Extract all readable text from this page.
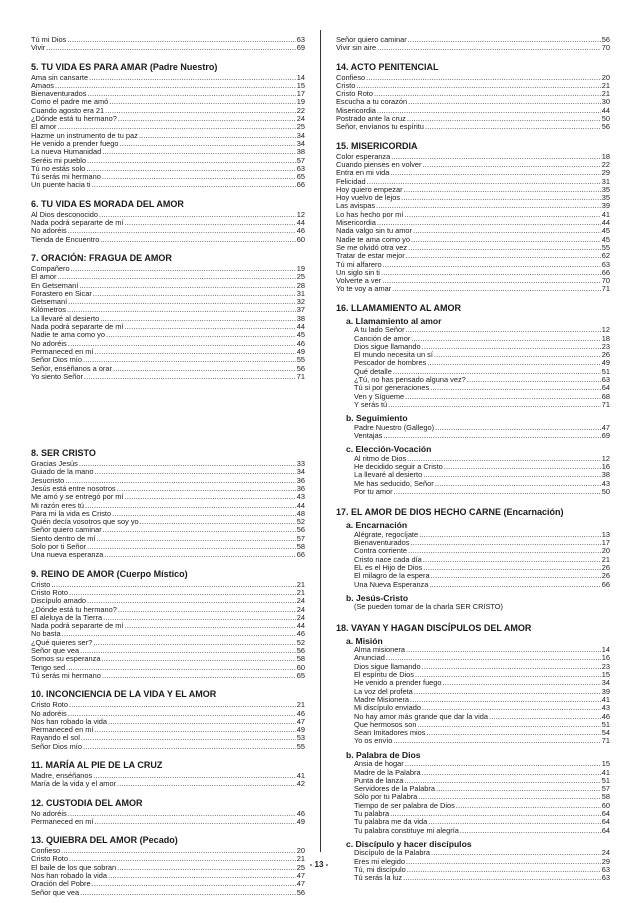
Tú mi Dios .....	63
Vivir .....	69
5. TU VIDA ES PARA AMAR (Padre Nuestro)
Ama sin cansarte .....	14
Amaos .....	15
Bienaventurados .....	17
Como el padre me amó .....	19
Cuando agosto era 21 .....	22
¿Dónde está tu hermano? .....	24
El amor .....	25
Hazme un instrumento de tu paz .....	34
He venido a prender fuego .....	34
La nueva Humanidad .....	38
Seréis mi pueblo .....	57
Tú no estás solo .....	63
Tú serás mi hermano .....	65
Un puente hacia ti .....	66
6. TU VIDA ES MORADA DEL AMOR
Al Dios desconocido .....	12
Nada podrá separarte de mí .....	44
No adoréis .....	46
Tienda de Encuentro .....	60
7. ORACIÓN: FRAGUA DE AMOR
Compañero .....	19
El amor .....	25
En Getsemaní .....	28
Forastero en Sicar .....	31
Getsemaní .....	32
Kilómetros .....	37
La llevaré al desierto .....	38
Nada podrá separarte de mí .....	44
Nadie te ama como yo .....	45
No adoréis .....	46
Permaneced en mí .....	49
Señor Dios mío .....	55
Señor, enséñanos a orar .....	56
Yo siento Señor .....	71
8. SER CRISTO
Gracias Jesús .....	33
Guiado de la mano .....	34
Jesucristo .....	36
Jesús está entre nosotros .....	36
Me amó y se entregó por mí .....	43
Mi razón eres tú .....	44
Para mi la vida es Cristo .....	48
Quién decía vosotros que soy yo .....	52
Señor quiero caminar .....	56
Siento dentro de mí .....	57
Solo por ti Señor .....	58
Una nueva esperanza .....	66
9. REINO DE AMOR (Cuerpo Místico)
Cristo .....	21
Cristo Roto .....	21
Discípulo amado .....	24
¿Dónde está tu hermano? .....	24
El aleluya de la Tierra .....	24
Nada podrá separarte de mí .....	44
No basta .....	46
¿Qué quieres ser? .....	52
Señor que vea .....	56
Somos su esperanza .....	58
Tengo sed .....	60
Tú serás mi hermano .....	65
10. INCONCIENCIA DE LA VIDA Y EL AMOR
Cristo Roto .....	21
No adoréis .....	46
Nos han robado la vida .....	47
Permaneced en mí .....	49
Rayando el sol .....	53
Señor Dios mío .....	55
11. MARÍA AL PIE DE LA CRUZ
Madre, enséñanos .....	41
María de la vida y el amor .....	42
12. CUSTODIA DEL AMOR
No adoréis .....	46
Permaneced en mí .....	49
13. QUIEBRA DEL AMOR (Pecado)
Confieso .....	20
Cristo Roto .....	21
El baile de los que sobran .....	25
Nos han robado la vida .....	47
Oración del Pobre .....	47
Señor que vea .....	56
Señor quiero caminar .....	56
Vivir sin aire .....	70
14. ACTO PENITENCIAL
Confieso .....	20
Cristo .....	21
Cristo Roto .....	21
Escucha a tu corazón .....	30
Misericordia .....	44
Postrado ante la cruz .....	50
Señor, envíanos tu espíritu .....	56
15. MISERICORDIA
Color esperanza .....	18
Cuando pienses en volver .....	22
Entra en mi vida .....	29
Felicidad .....	31
Hoy quiero empezar .....	35
Hoy vuelvo de lejos .....	35
Las avispas .....	39
Lo has hecho por mí .....	41
Misericordia .....	44
Nada valgo sin tu amor .....	45
Nadie te ama como yo .....	45
Se me olvidó otra vez .....	55
Tratar de estar mejor .....	62
Tú mi alfarero .....	63
Un siglo sin ti .....	66
Volverte a ver .....	70
Yo te voy a amar .....	71
16. LLAMAMIENTO AL AMOR
a. Llamamiento al amor
A tu lado Señor .....	12
Canción de amor .....	18
Dios sigue llamando .....	23
El mundo necesita un sí .....	26
Pescador de hombres .....	49
Qué detalle .....	51
¿Tú, no has pensado alguna vez? .....	63
Tú si por generaciones .....	64
Ven y Sígueme .....	68
Y serás tú .....	71
b. Seguimiento
Padre Nuestro (Gallego) .....	47
Ventajas .....	69
c. Elección-Vocación
Al ritmo de Dios .....	12
He decidido seguir a Cristo .....	16
La llevaré al desierto .....	38
Me has seducido, Señor .....	43
Por tu amor .....	50
17. EL AMOR DE DIOS HECHO CARNE (Encarnación)
a. Encarnación
Alégrate, regocíjate .....	13
Bienaventurados .....	17
Contra corriente .....	20
Cristo nace cada día .....	21
EL es el Hijo de Dios .....	26
El milagro de la espera .....	26
Una Nueva Esperanza .....	66
b. Jesús-Cristo
(Se pueden tomar de la charla SER CRISTO)
18. VAYAN Y HAGAN DISCÍPULOS DEL AMOR
a. Misión
Alma misionera .....	14
Anunciad .....	16
Dios sigue llamando .....	23
El espíritu de Dios .....	15
He venido a prender fuego .....	34
La voz del profeta .....	39
Madre Misionera .....	41
Mi discípulo enviado .....	43
No hay amor más grande que dar la vida .....	46
Que hermosos son .....	51
Sean Imitadores mios .....	54
Yo os envío .....	71
b. Palabra de Dios
Ansia de hogar .....	15
Madre de la Palabra .....	41
Punta de lanza .....	51
Servidores de la Palabra .....	57
Sólo por tu Palabra .....	58
Tiempo de ser palabra de Dios .....	60
Tu palabra .....	64
Tu palabra me da vida .....	64
Tu palabra constituye mi alegría .....	64
c. Discípulo y hacer discípulos
Discípulo de la Palabra .....	24
Eres mi elegido .....	29
Tú, mi discípulo .....	63
Tú serás la luz .....	63
- 13 -
